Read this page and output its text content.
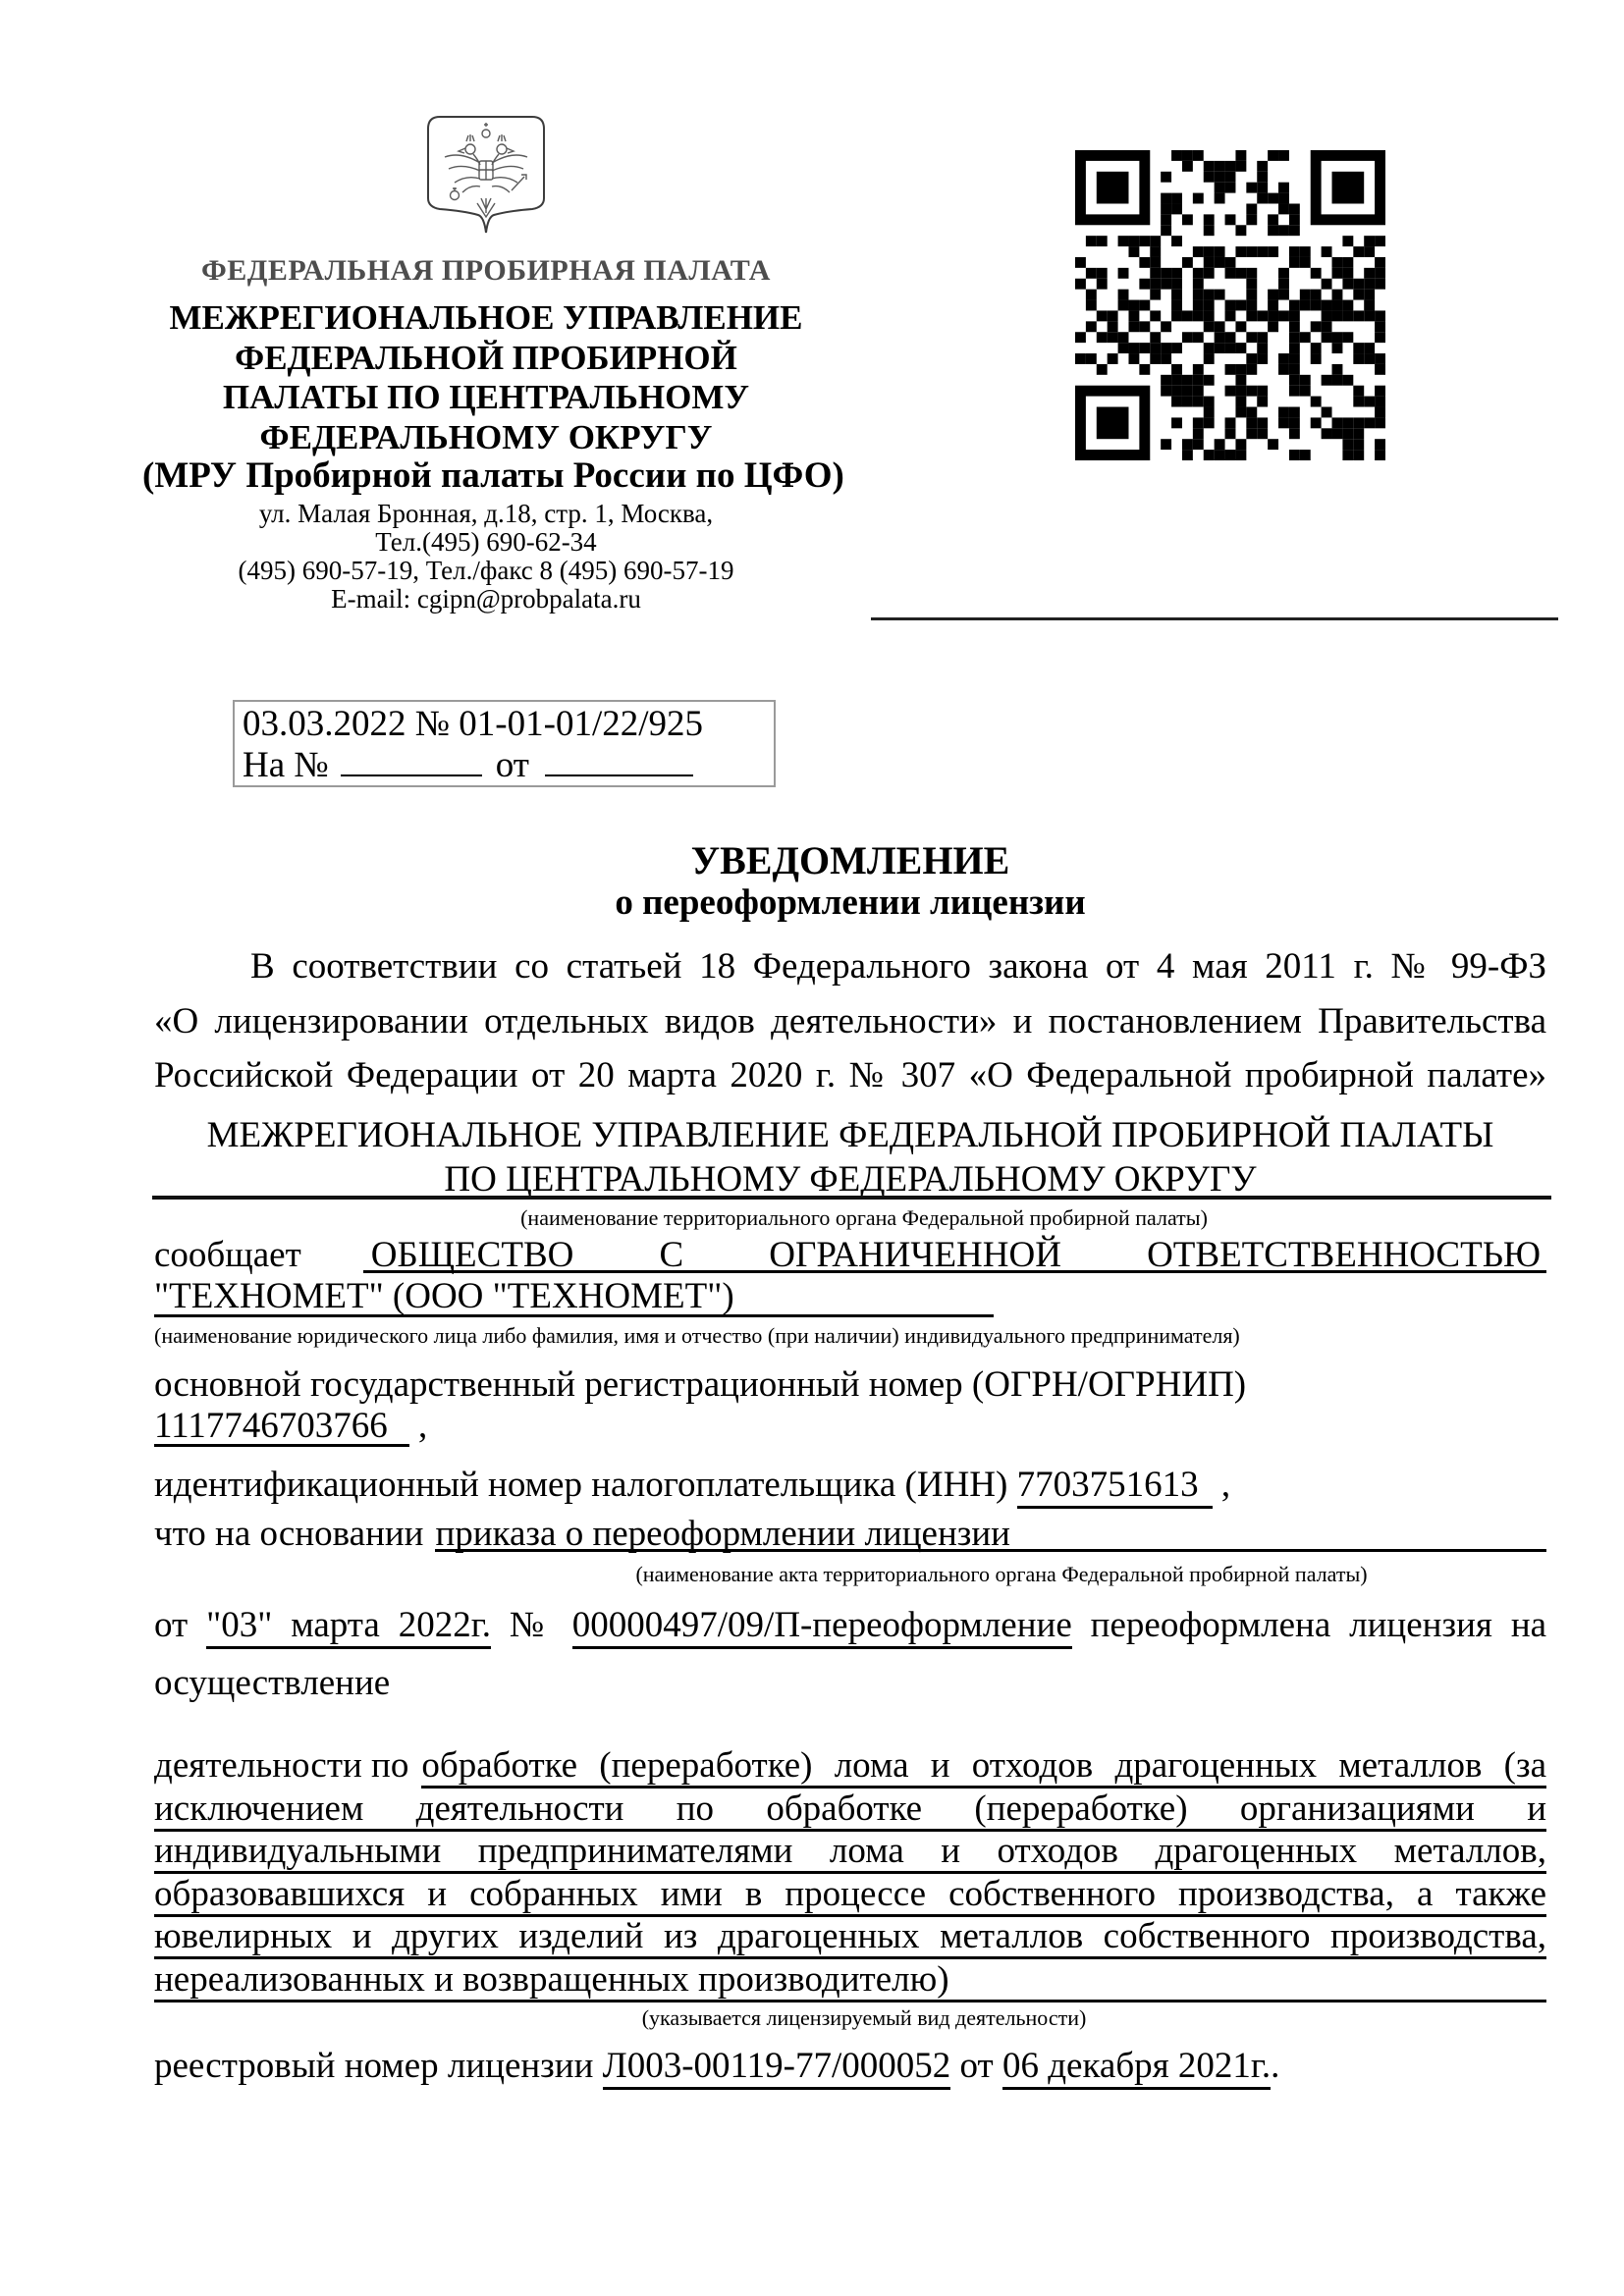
ФЕДЕРАЛЬНАЯ ПРОБИРНАЯ ПАЛАТА
МЕЖРЕГИОНАЛЬНОЕ УПРАВЛЕНИЕ
ФЕДЕРАЛЬНОЙ ПРОБИРНОЙ
ПАЛАТЫ ПО ЦЕНТРАЛЬНОМУ
ФЕДЕРАЛЬНОМУ ОКРУГУ
(МРУ Пробирной палаты России по ЦФО)
ул. Малая Бронная, д.18, стр. 1, Москва,
Тел.(495) 690-62-34
(495) 690-57-19, Тел./факс 8 (495) 690-57-19
E-mail: cgipn@probpalata.ru
03.03.2022 № 01-01-01/22/925
На №	от
УВЕДОМЛЕНИЕ
о переоформлении лицензии
В соответствии со статьей 18 Федерального закона от 4 мая 2011 г. № 99-ФЗ
«О лицензировании отдельных видов деятельности» и постановлением Правительства
Российской Федерации от 20 марта 2020 г. № 307 «О Федеральной пробирной палате»
МЕЖРЕГИОНАЛЬНОЕ УПРАВЛЕНИЕ ФЕДЕРАЛЬНОЙ ПРОБИРНОЙ ПАЛАТЫ
ПО ЦЕНТРАЛЬНОМУ ФЕДЕРАЛЬНОМУ ОКРУГУ
(наименование территориального органа Федеральной пробирной палаты)
сообщает ОБЩЕСТВО С ОГРАНИЧЕННОЙ ОТВЕТСТВЕННОСТЬЮ
"ТЕХНОМЕТ" (ООО "ТЕХНОМЕТ")
(наименование юридического лица либо фамилия, имя и отчество (при наличии) индивидуального предпринимателя)
основной государственный регистрационный номер (ОГРН/ОГРНИП)
1117746703766 ,
идентификационный номер налогоплательщика (ИНН) 7703751613 ,
что на основании приказа о переоформлении лицензии
(наименование акта территориального органа Федеральной пробирной палаты)
от "03" марта 2022г. № 00000497/09/П-переоформление переоформлена лицензия на
осуществление
деятельности по обработке (переработке) лома и отходов драгоценных металлов (за
исключением деятельности по обработке (переработке) организациями и
индивидуальными предпринимателями лома и отходов драгоценных металлов,
образовавшихся и собранных ими в процессе собственного производства, а также
ювелирных и других изделий из драгоценных металлов собственного производства,
нереализованных и возвращенных производителю)
(указывается лицензируемый вид деятельности)
реестровый номер лицензии Л003-00119-77/000052 от 06 декабря 2021г..
